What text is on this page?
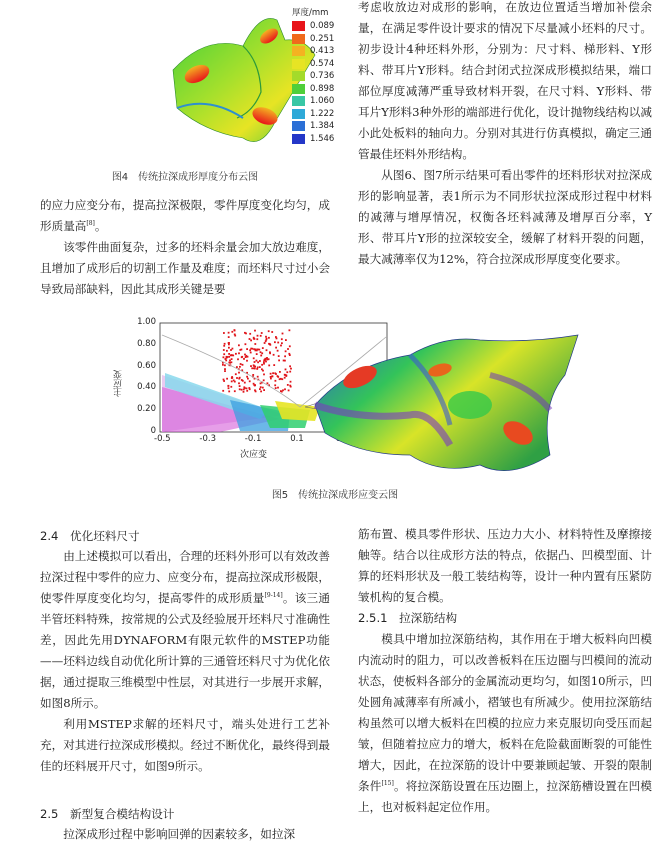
厚度/mm
0.089
0.251
0.413
0.574
0.736
0.898
1.060
1.222
1.384
1.546
图4　传统拉深成形厚度分布云图

的应力应变分布，提高拉深极限，零件厚度变化均匀，成形质量高[8]。

该零件曲面复杂，过多的坯料余量会加大放边难度，且增加了成形后的切割工作量及难度；而坯料尺寸过小会导致局部缺料，因此其成形关键是要

考虑收放边对成形的影响，在放边位置适当增加补偿余量，在满足零件设计要求的情况下尽量减小坯料的尺寸。初步设计4种坯料外形，分别为：尺寸料、梯形料、Y形料、带耳片Y形料。结合封闭式拉深成形模拟结果，端口部位厚度减薄严重导致材料开裂，在尺寸料、Y形料、带耳片Y形料3种外形的端部进行优化，设计抛物线结构以减小此处板料的轴向力。分别对其进行仿真模拟，确定三通管最佳坯料外形结构。

从图6、图7所示结果可看出零件的坯料形状对拉深成形的影响显著，表1所示为不同形状拉深成形过程中材料的减薄与增厚情况，权衡各坯料减薄及增厚百分率，Y形、带耳片Y形的拉深较安全，缓解了材料开裂的问题，最大减薄率仅为12%，符合拉深成形厚度变化要求。

主应变
1.00
0.80
0.60
0.40
0.20
0
-0.5	-0.3	-0.1	0.1
次应变
图5　传统拉深成形应变云图
2.4　优化坯料尺寸

由上述模拟可以看出，合理的坯料外形可以有效改善拉深过程中零件的应力、应变分布，提高拉深成形极限，使零件厚度变化均匀，提高零件的成形质量[9-14]。该三通半管坯料特殊，按常规的公式及经验展开坯料尺寸准确性差，因此先用DYNAFORM有限元软件的MSTEP功能——坯料边线自动优化所计算的三通管坯料尺寸为优化依据，通过提取三维模型中性层，对其进行一步展开求解，如图8所示。

利用MSTEP求解的坯料尺寸，端头处进行工艺补充，对其进行拉深成形模拟。经过不断优化，最终得到最佳的坯料展开尺寸，如图9所示。

2.5　新型复合模结构设计

拉深成形过程中影响回弹的因素较多，如拉深

筋布置、模具零件形状、压边力大小、材料特性及摩擦接触等。结合以往成形方法的特点，依据凸、凹模型面、计算的坯料形状及一般工装结构等，设计一种内置有压紧防皱机构的复合模。

2.5.1　拉深筋结构

模具中增加拉深筋结构，其作用在于增大板料向凹模内流动时的阻力，可以改善板料在压边圈与凹模间的流动状态，使板料各部分的金属流动更均匀，如图10所示，凹处圆角减薄率有所减小，褶皱也有所减少。使用拉深筋结构虽然可以增大板料在凹模的拉应力来克服切向受压而起皱，但随着拉应力的增大，板料在危险截面断裂的可能性增大，因此，在拉深筋的设计中要兼顾起皱、开裂的限制条件[15]。将拉深筋设置在压边圈上，拉深筋槽设置在凹模上，也对板料起定位作用。
